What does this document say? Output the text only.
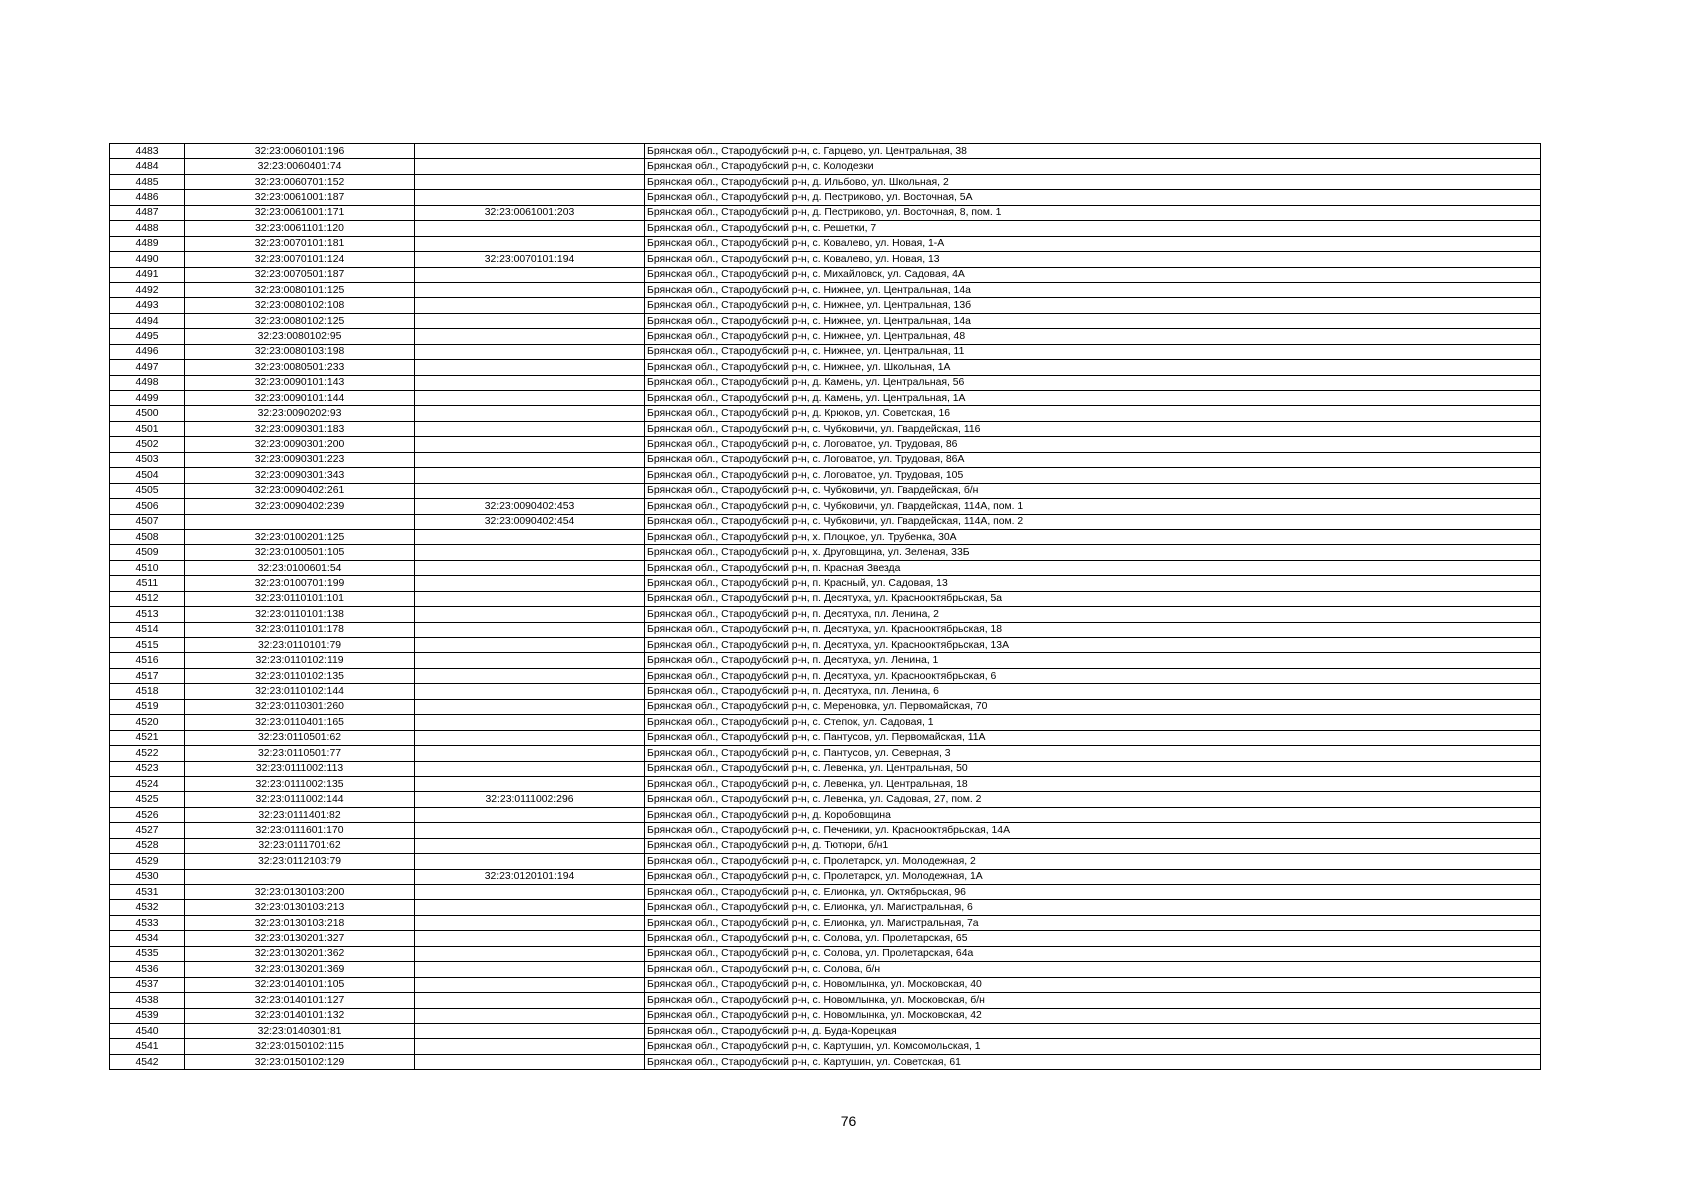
4483	32:23:0060101:196		Брянская обл., Стародубский р-н, с. Гарцево, ул. Центральная, 38
4484	32:23:0060401:74		Брянская обл., Стародубский р-н, с. Колодезки
4485	32:23:0060701:152		Брянская обл., Стародубский р-н, д. Ильбово, ул. Школьная, 2
4486	32:23:0061001:187		Брянская обл., Стародубский р-н, д. Пестриково, ул. Восточная, 5А
4487	32:23:0061001:171	32:23:0061001:203	Брянская обл., Стародубский р-н, д. Пестриково, ул. Восточная, 8, пом. 1
4488	32:23:0061101:120		Брянская обл., Стародубский р-н, с. Решетки, 7
4489	32:23:0070101:181		Брянская обл., Стародубский р-н, с. Ковалево, ул. Новая, 1-А
4490	32:23:0070101:124	32:23:0070101:194	Брянская обл., Стародубский р-н, с. Ковалево, ул. Новая, 13
4491	32:23:0070501:187		Брянская обл., Стародубский р-н, с. Михайловск, ул. Садовая, 4А
4492	32:23:0080101:125		Брянская обл., Стародубский р-н, с. Нижнее, ул. Центральная, 14а
4493	32:23:0080102:108		Брянская обл., Стародубский р-н, с. Нижнее, ул. Центральная, 13б
4494	32:23:0080102:125		Брянская обл., Стародубский р-н, с. Нижнее, ул. Центральная, 14а
4495	32:23:0080102:95		Брянская обл., Стародубский р-н, с. Нижнее, ул. Центральная, 48
4496	32:23:0080103:198		Брянская обл., Стародубский р-н, с. Нижнее, ул. Центральная, 11
4497	32:23:0080501:233		Брянская обл., Стародубский р-н, с. Нижнее, ул. Школьная, 1А
4498	32:23:0090101:143		Брянская обл., Стародубский р-н, д. Камень, ул. Центральная, 56
4499	32:23:0090101:144		Брянская обл., Стародубский р-н, д. Камень, ул. Центральная, 1А
4500	32:23:0090202:93		Брянская обл., Стародубский р-н, д. Крюков, ул. Советская, 16
4501	32:23:0090301:183		Брянская обл., Стародубский р-н, с. Чубковичи, ул. Гвардейская, 116
4502	32:23:0090301:200		Брянская обл., Стародубский р-н, с. Логоватое, ул. Трудовая, 86
4503	32:23:0090301:223		Брянская обл., Стародубский р-н, с. Логоватое, ул. Трудовая, 86А
4504	32:23:0090301:343		Брянская обл., Стародубский р-н, с. Логоватое, ул. Трудовая, 105
4505	32:23:0090402:261		Брянская обл., Стародубский р-н, с. Чубковичи, ул. Гвардейская, б/н
4506	32:23:0090402:239	32:23:0090402:453	Брянская обл., Стародубский р-н, с. Чубковичи, ул. Гвардейская, 114А, пом. 1
4507		32:23:0090402:454	Брянская обл., Стародубский р-н, с. Чубковичи, ул. Гвардейская, 114А, пом. 2
4508	32:23:0100201:125		Брянская обл., Стародубский р-н, х. Плоцкое, ул. Трубенка, 30А
4509	32:23:0100501:105		Брянская обл., Стародубский р-н, х. Друговщина, ул. Зеленая, 33Б
4510	32:23:0100601:54		Брянская обл., Стародубский р-н, п. Красная Звезда
4511	32:23:0100701:199		Брянская обл., Стародубский р-н, п. Красный, ул. Садовая, 13
4512	32:23:0110101:101		Брянская обл., Стародубский р-н, п. Десятуха, ул. Краснооктябрьская, 5а
4513	32:23:0110101:138		Брянская обл., Стародубский р-н, п. Десятуха, пл. Ленина, 2
4514	32:23:0110101:178		Брянская обл., Стародубский р-н, п. Десятуха, ул. Краснооктябрьская, 18
4515	32:23:0110101:79		Брянская обл., Стародубский р-н, п. Десятуха, ул. Краснооктябрьская, 13А
4516	32:23:0110102:119		Брянская обл., Стародубский р-н, п. Десятуха, ул. Ленина, 1
4517	32:23:0110102:135		Брянская обл., Стародубский р-н, п. Десятуха, ул. Краснооктябрьская, 6
4518	32:23:0110102:144		Брянская обл., Стародубский р-н, п. Десятуха, пл. Ленина, 6
4519	32:23:0110301:260		Брянская обл., Стародубский р-н, с. Мереновка, ул. Первомайская, 70
4520	32:23:0110401:165		Брянская обл., Стародубский р-н, с. Степок, ул. Садовая, 1
4521	32:23:0110501:62		Брянская обл., Стародубский р-н, с. Пантусов, ул. Первомайская, 11А
4522	32:23:0110501:77		Брянская обл., Стародубский р-н, с. Пантусов, ул. Северная, 3
4523	32:23:0111002:113		Брянская обл., Стародубский р-н, с. Левенка, ул. Центральная, 50
4524	32:23:0111002:135		Брянская обл., Стародубский р-н, с. Левенка, ул. Центральная, 18
4525	32:23:0111002:144	32:23:0111002:296	Брянская обл., Стародубский р-н, с. Левенка, ул. Садовая, 27, пом. 2
4526	32:23:0111401:82		Брянская обл., Стародубский р-н, д. Коробовщина
4527	32:23:0111601:170		Брянская обл., Стародубский р-н, с. Печеники, ул. Краснооктябрьская, 14А
4528	32:23:0111701:62		Брянская обл., Стародубский р-н, д. Тютюри, б/н1
4529	32:23:0112103:79		Брянская обл., Стародубский р-н, с. Пролетарск, ул. Молодежная, 2
4530		32:23:0120101:194	Брянская обл., Стародубский р-н, с. Пролетарск, ул. Молодежная, 1А
4531	32:23:0130103:200		Брянская обл., Стародубский р-н, с. Елионка, ул. Октябрьская, 96
4532	32:23:0130103:213		Брянская обл., Стародубский р-н, с. Елионка, ул. Магистральная, 6
4533	32:23:0130103:218		Брянская обл., Стародубский р-н, с. Елионка, ул. Магистральная, 7а
4534	32:23:0130201:327		Брянская обл., Стародубский р-н, с. Солова, ул. Пролетарская, 65
4535	32:23:0130201:362		Брянская обл., Стародубский р-н, с. Солова, ул. Пролетарская, 64а
4536	32:23:0130201:369		Брянская обл., Стародубский р-н, с. Солова, б/н
4537	32:23:0140101:105		Брянская обл., Стародубский р-н, с. Новомлынка, ул. Московская, 40
4538	32:23:0140101:127		Брянская обл., Стародубский р-н, с. Новомлынка, ул. Московская, б/н
4539	32:23:0140101:132		Брянская обл., Стародубский р-н, с. Новомлынка, ул. Московская, 42
4540	32:23:0140301:81		Брянская обл., Стародубский р-н, д. Буда-Корецкая
4541	32:23:0150102:115		Брянская обл., Стародубский р-н, с. Картушин, ул. Комсомольская, 1
4542	32:23:0150102:129		Брянская обл., Стародубский р-н, с. Картушин, ул. Советская, 61
76
